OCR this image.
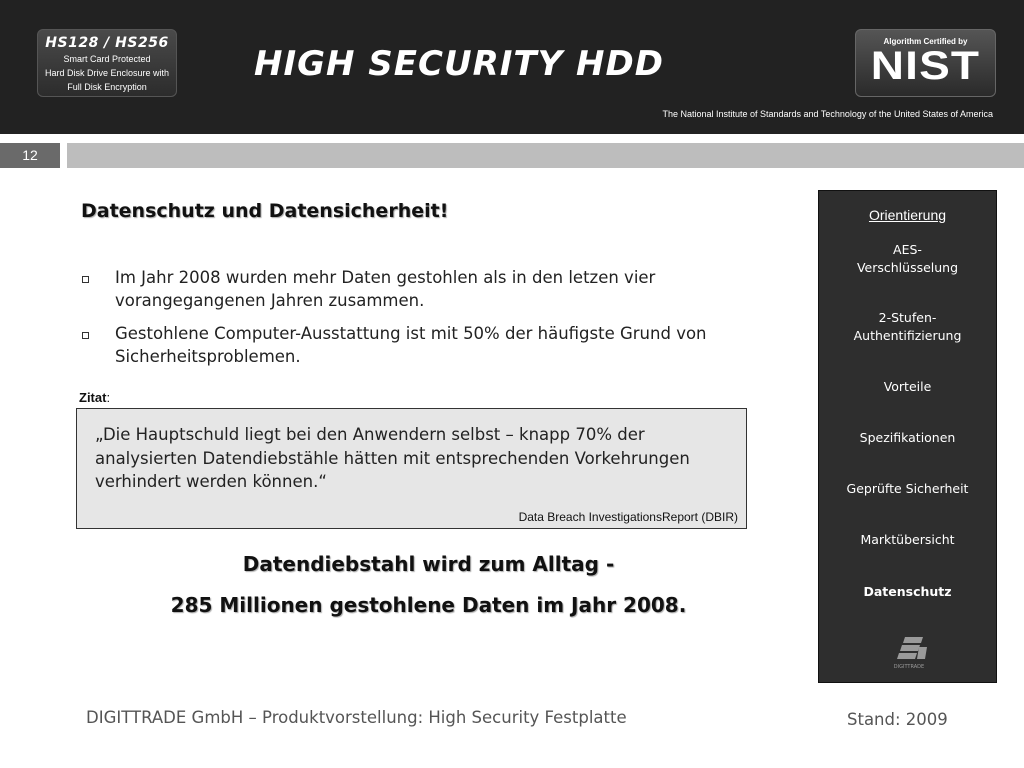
HS128 / HS256
Smart Card Protected
Hard Disk Drive Enclosure with
Full Disk Encryption
HIGH SECURITY HDD
Algorithm Certified by
NIST
The National Institute of Standards and Technology of the United States of America
12
Datenschutz und Datensicherheit!
Im Jahr 2008 wurden mehr Daten gestohlen als in den letzen vier vorangegangenen Jahren zusammen.
Gestohlene Computer-Ausstattung ist mit 50% der häufigste Grund von Sicherheitsproblemen.
Zitat:
„Die Hauptschuld liegt bei den Anwendern selbst – knapp 70% der analysierten Datendiebstähle hätten mit entsprechenden Vorkehrungen verhindert werden können.“
Data Breach InvestigationsReport (DBIR)
Datendiebstahl wird zum Alltag -
285 Millionen gestohlene Daten im Jahr 2008.
Orientierung
AES-
Verschlüsselung
2-Stufen-
Authentifizierung
Vorteile
Spezifikationen
Geprüfte Sicherheit
Marktübersicht
Datenschutz
DIGITTRADE
DIGITTRADE GmbH – Produktvorstellung: High Security Festplatte	Stand: 2009
